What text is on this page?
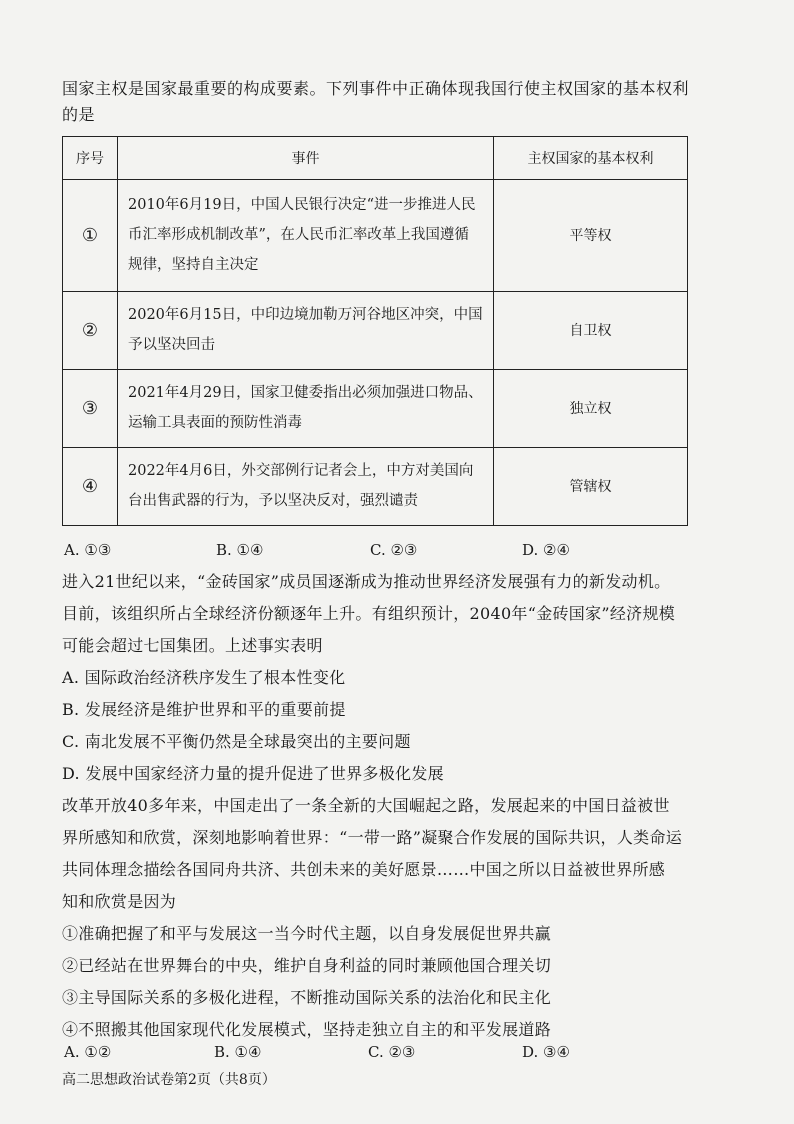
国家主权是国家最重要的构成要素。下列事件中正确体现我国行使主权国家的基本权利的是
序号	事件	主权国家的基本权利
①	2010年6月19日，中国人民银行决定“进一步推进人民币汇率形成机制改革”，在人民币汇率改革上我国遵循规律，坚持自主决定	平等权
②	2020年6月15日，中印边境加勒万河谷地区冲突，中国予以坚决回击	自卫权
③	2021年4月29日，国家卫健委指出必须加强进口物品、运输工具表面的预防性消毒	独立权
④	2022年4月6日，外交部例行记者会上，中方对美国向台出售武器的行为，予以坚决反对，强烈谴责	管辖权
A. ①③	B. ①④	C. ②③	D. ②④
进入21世纪以来，“金砖国家”成员国逐渐成为推动世界经济发展强有力的新发动机。
目前，该组织所占全球经济份额逐年上升。有组织预计，2040年“金砖国家”经济规模
可能会超过七国集团。上述事实表明
A. 国际政治经济秩序发生了根本性变化
B. 发展经济是维护世界和平的重要前提
C. 南北发展不平衡仍然是全球最突出的主要问题
D. 发展中国家经济力量的提升促进了世界多极化发展
改革开放40多年来，中国走出了一条全新的大国崛起之路，发展起来的中国日益被世
界所感知和欣赏，深刻地影响着世界：“一带一路”凝聚合作发展的国际共识，人类命运
共同体理念描绘各国同舟共济、共创未来的美好愿景……中国之所以日益被世界所感
知和欣赏是因为
①准确把握了和平与发展这一当今时代主题，以自身发展促世界共赢
②已经站在世界舞台的中央，维护自身利益的同时兼顾他国合理关切
③主导国际关系的多极化进程，不断推动国际关系的法治化和民主化
④不照搬其他国家现代化发展模式，坚持走独立自主的和平发展道路
A. ①②	B. ①④	C. ②③	D. ③④
高二思想政治试卷第2页（共8页）
